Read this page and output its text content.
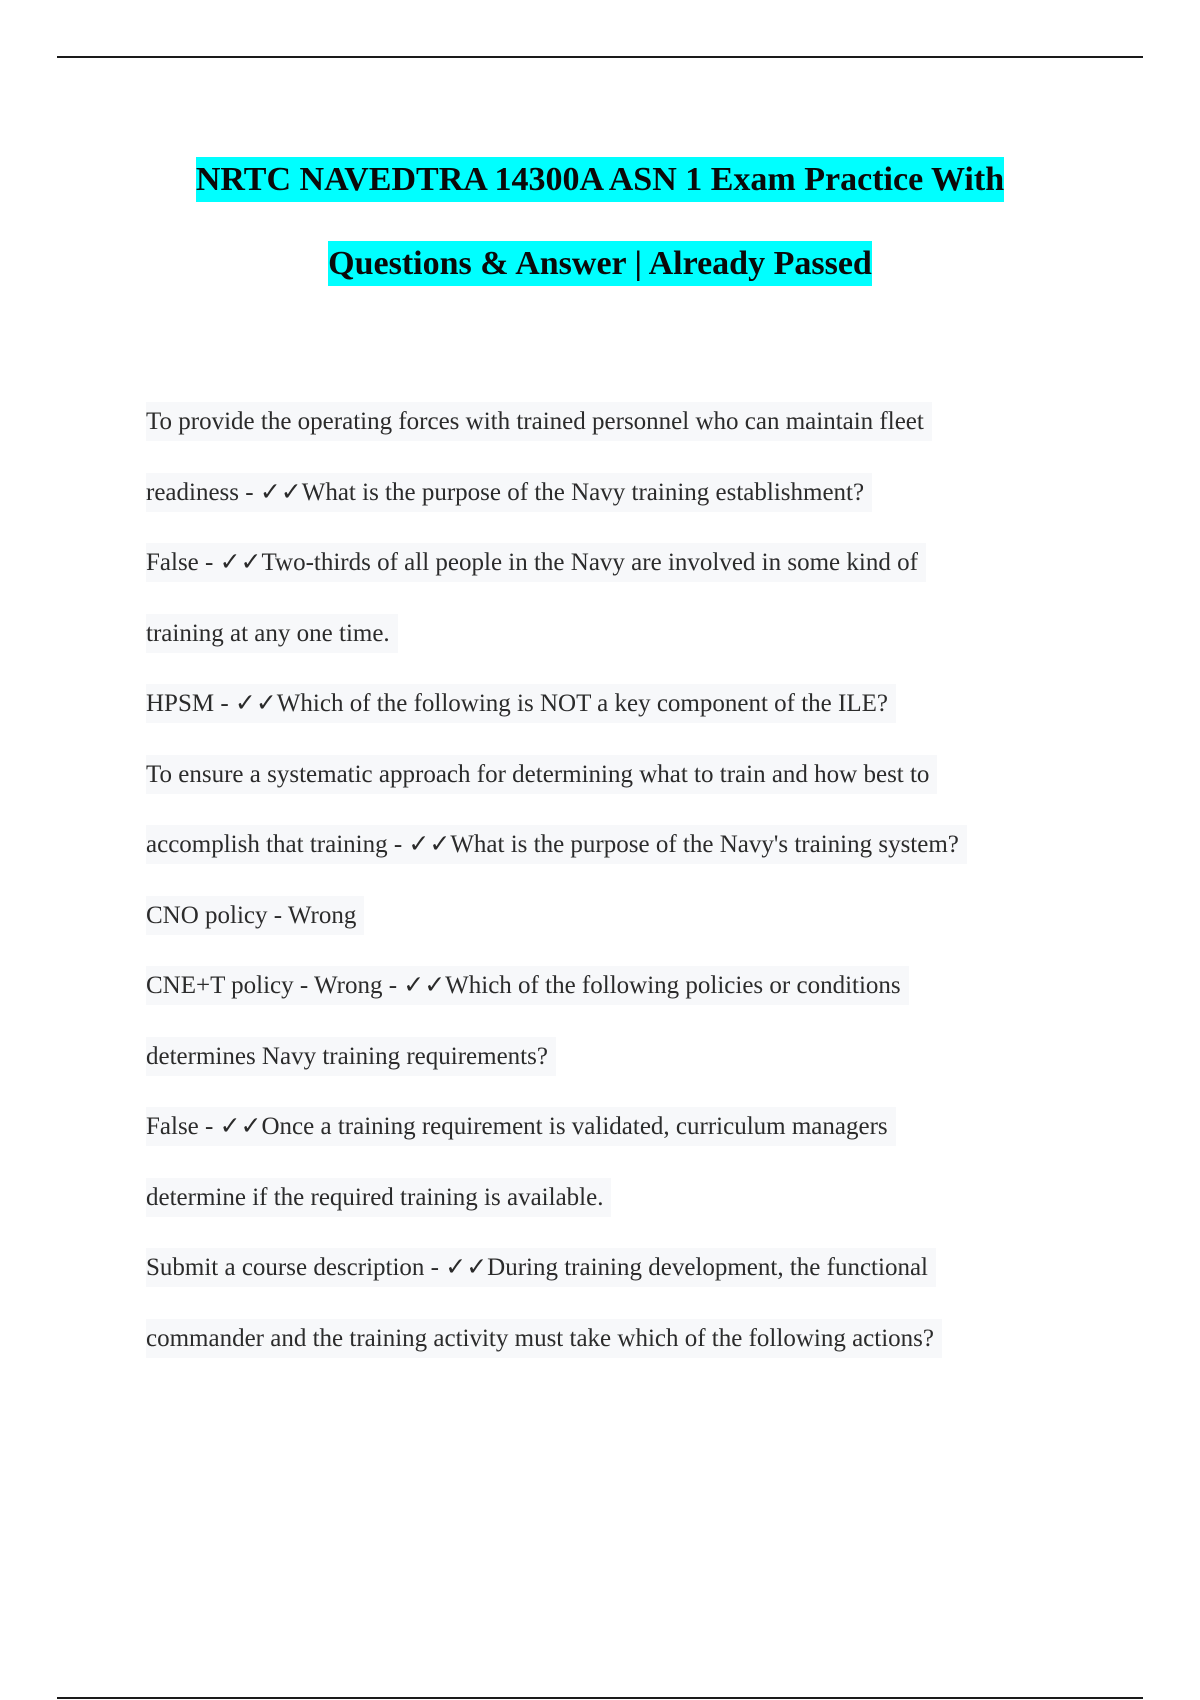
NRTC NAVEDTRA 14300A ASN 1 Exam Practice With
Questions & Answer | Already Passed
To provide the operating forces with trained personnel who can maintain fleet
readiness - ✓✓What is the purpose of the Navy training establishment?
False - ✓✓Two-thirds of all people in the Navy are involved in some kind of
training at any one time.
HPSM - ✓✓Which of the following is NOT a key component of the ILE?
To ensure a systematic approach for determining what to train and how best to
accomplish that training - ✓✓What is the purpose of the Navy's training system?
CNO policy - Wrong
CNE+T policy - Wrong - ✓✓Which of the following policies or conditions
determines Navy training requirements?
False - ✓✓Once a training requirement is validated, curriculum managers
determine if the required training is available.
Submit a course description - ✓✓During training development, the functional
commander and the training activity must take which of the following actions?
